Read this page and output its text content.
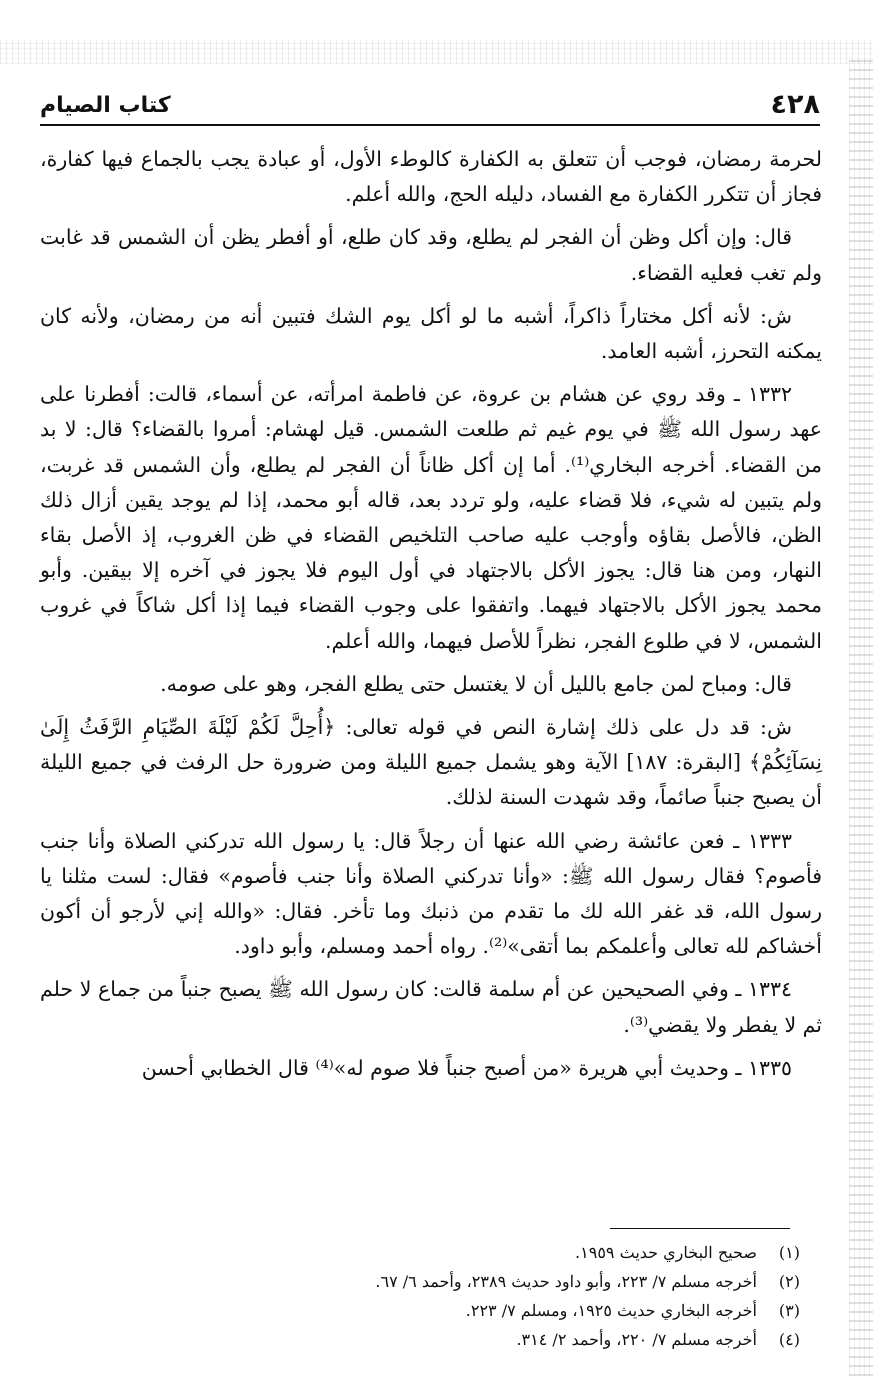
٤٢٨
كتاب الصيام

لحرمة رمضان، فوجب أن تتعلق به الكفارة كالوطء الأول، أو عبادة يجب بالجماع فيها كفارة، فجاز أن تتكرر الكفارة مع الفساد، دليله الحج، والله أعلم.

قال: وإن أكل وظن أن الفجر لم يطلع، وقد كان طلع، أو أفطر يظن أن الشمس قد غابت ولم تغب فعليه القضاء.

ش: لأنه أكل مختاراً ذاكراً، أشبه ما لو أكل يوم الشك فتبين أنه من رمضان، ولأنه كان يمكنه التحرز، أشبه العامد.

١٣٣٢ ـ وقد روي عن هشام بن عروة، عن فاطمة امرأته، عن أسماء، قالت: أفطرنا على عهد رسول الله ﷺ في يوم غيم ثم طلعت الشمس. قيل لهشام: أمروا بالقضاء؟ قال: لا بد من القضاء. أخرجه البخاري⁽¹⁾. أما إن أكل ظاناً أن الفجر لم يطلع، وأن الشمس قد غربت، ولم يتبين له شيء، فلا قضاء عليه، ولو تردد بعد، قاله أبو محمد، إذا لم يوجد يقين أزال ذلك الظن، فالأصل بقاؤه وأوجب عليه صاحب التلخيص القضاء في ظن الغروب، إذ الأصل بقاء النهار، ومن هنا قال: يجوز الأكل بالاجتهاد في أول اليوم فلا يجوز في آخره إلا بيقين. وأبو محمد يجوز الأكل بالاجتهاد فيهما. واتفقوا على وجوب القضاء فيما إذا أكل شاكاً في غروب الشمس، لا في طلوع الفجر، نظراً للأصل فيهما، والله أعلم.

قال: ومباح لمن جامع بالليل أن لا يغتسل حتى يطلع الفجر، وهو على صومه.

ش: قد دل على ذلك إشارة النص في قوله تعالى: ﴿أُحِلَّ لَكُمْ لَيْلَةَ الصِّيَامِ الرَّفَثُ إِلَىٰ نِسَآئِكُمْ﴾ [البقرة: ١٨٧] الآية وهو يشمل جميع الليلة ومن ضرورة حل الرفث في جميع الليلة أن يصبح جنباً صائماً، وقد شهدت السنة لذلك.

١٣٣٣ ـ فعن عائشة رضي الله عنها أن رجلاً قال: يا رسول الله تدركني الصلاة وأنا جنب فأصوم؟ فقال رسول الله ﷺ: «وأنا تدركني الصلاة وأنا جنب فأصوم» فقال: لست مثلنا يا رسول الله، قد غفر الله لك ما تقدم من ذنبك وما تأخر. فقال: «والله إني لأرجو أن أكون أخشاكم لله تعالى وأعلمكم بما أتقى»⁽²⁾. رواه أحمد ومسلم، وأبو داود.

١٣٣٤ ـ وفي الصحيحين عن أم سلمة قالت: كان رسول الله ﷺ يصبح جنباً من جماع لا حلم ثم لا يفطر ولا يقضي⁽³⁾.

١٣٣٥ ـ وحديث أبي هريرة «من أصبح جنباً فلا صوم له»⁽⁴⁾ قال الخطابي أحسن

(١) صحيح البخاري حديث ١٩٥٩.
(٢) أخرجه مسلم ٧/ ٢٢٣، وأبو داود حديث ٢٣٨٩، وأحمد ٦/ ٦٧.
(٣) أخرجه البخاري حديث ١٩٢٥، ومسلم ٧/ ٢٢٣.
(٤) أخرجه مسلم ٧/ ٢٢٠، وأحمد ٢/ ٣١٤.
